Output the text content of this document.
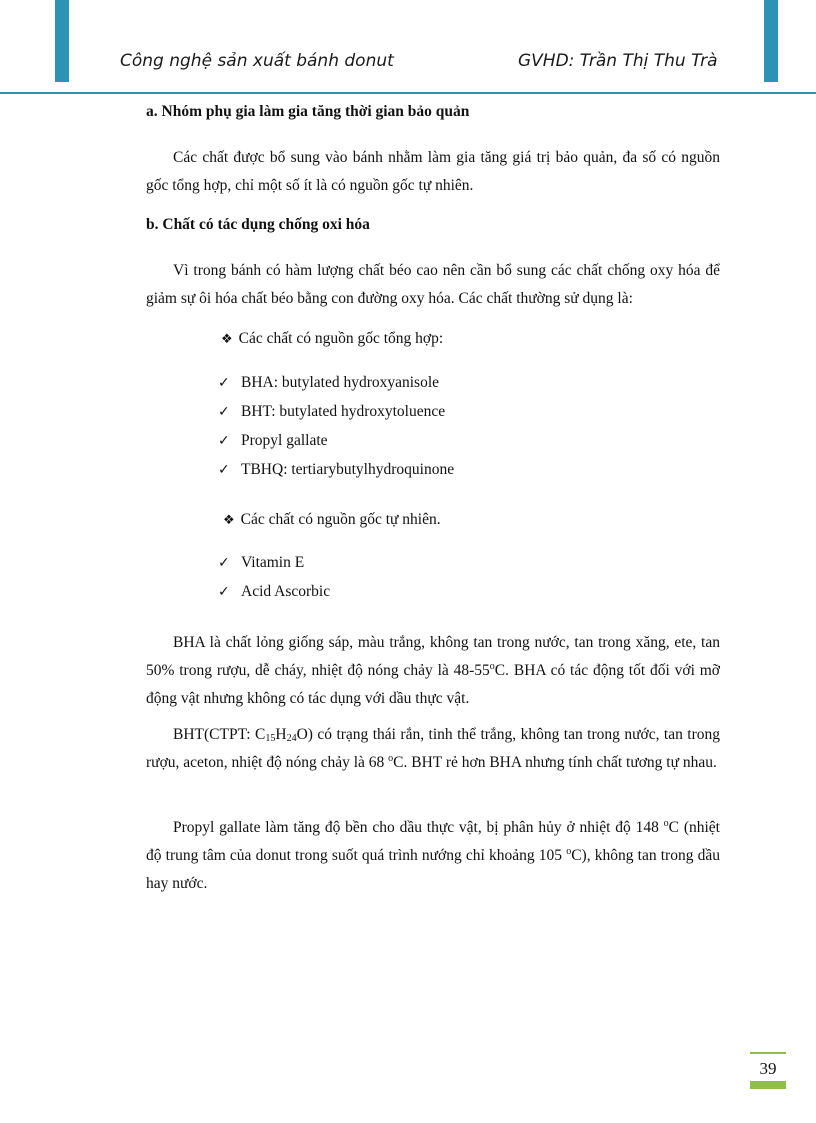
Công nghệ sản xuất bánh donut	GVHD: Trần Thị Thu Trà
a. Nhóm phụ gia làm gia tăng thời gian bảo quản
Các chất được bổ sung vào bánh nhằm làm gia tăng giá trị bảo quản, đa số có nguồn gốc tổng hợp, chỉ một số ít là có nguồn gốc tự nhiên.
b. Chất có tác dụng chống oxi hóa
Vì trong bánh có hàm lượng chất béo cao nên cần bổ sung các chất chống oxy hóa để giảm sự ôi hóa chất béo bằng con đường oxy hóa. Các chất thường sử dụng là:
❖ Các chất có nguồn gốc tổng hợp:
✓ BHA: butylated hydroxyanisole
✓ BHT: butylated hydroxytoluence
✓ Propyl gallate
✓ TBHQ: tertiarybutylhydroquinone
❖ Các chất có nguồn gốc tự nhiên.
✓ Vitamin E
✓ Acid Ascorbic
BHA là chất lỏng giống sáp, màu trắng, không tan trong nước, tan trong xăng, ete, tan 50% trong rượu, dễ cháy, nhiệt độ nóng chảy là 48-55$^o$C. BHA có tác động tốt đối với mỡ động vật nhưng không có tác dụng với dầu thực vật.
BHT(CTPT: $C_{15}H_{24}O$) có trạng thái rắn, tinh thể trắng, không tan trong nước, tan trong rượu, aceton, nhiệt độ nóng chảy là 68 $^o$C. BHT rẻ hơn BHA nhưng tính chất tương tự nhau.
Propyl gallate làm tăng độ bền cho dầu thực vật, bị phân hủy ở nhiệt độ 148 $^o$C (nhiệt độ trung tâm của donut trong suốt quá trình nướng chỉ khoảng 105 $^o$C), không tan trong dầu hay nước.
39
